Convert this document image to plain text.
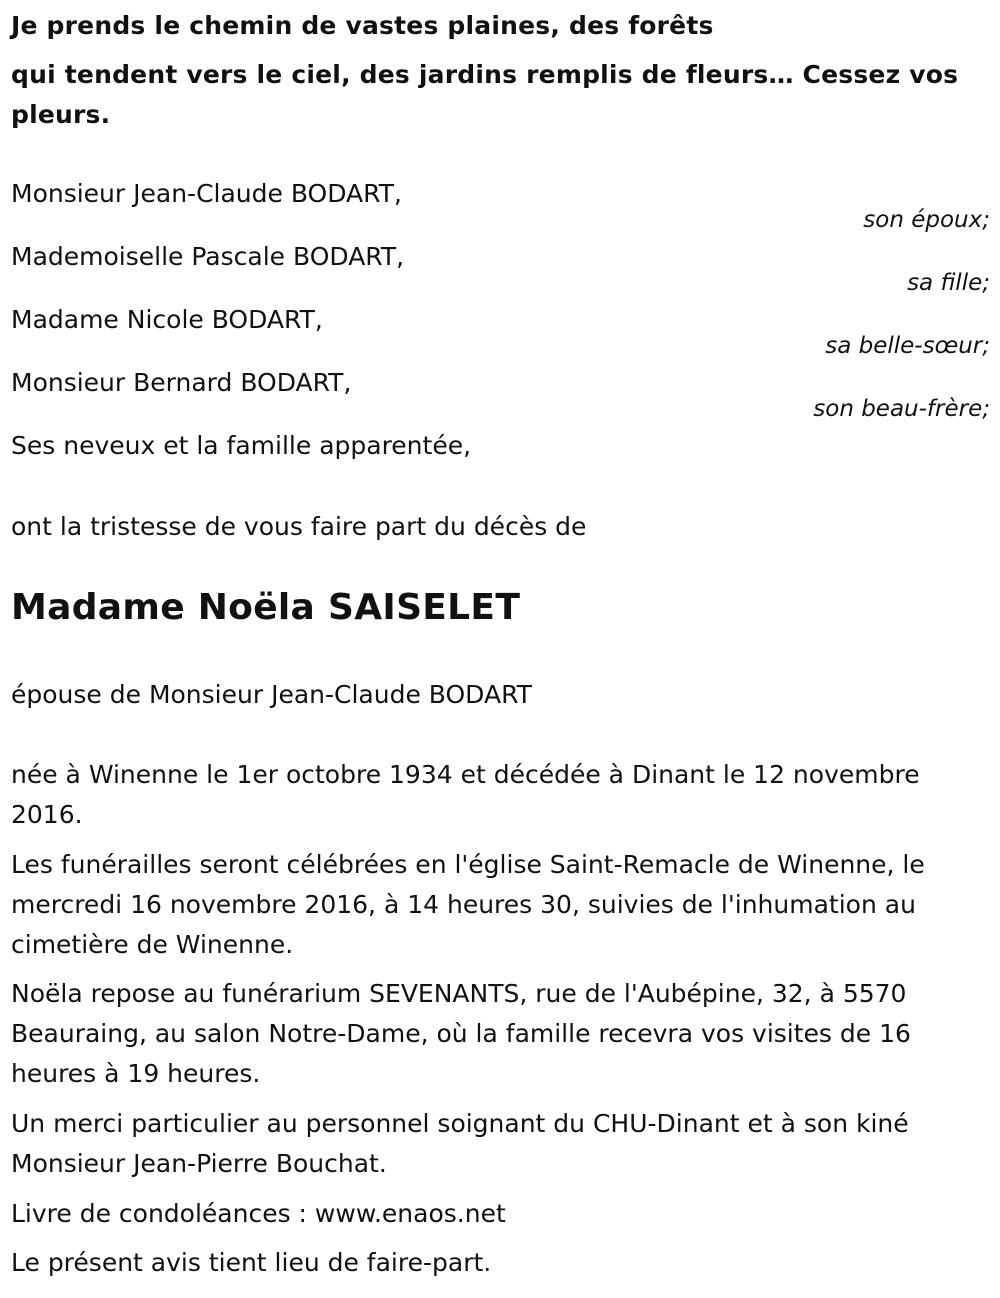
Je prends le chemin de vastes plaines, des forêts

qui tendent vers le ciel, des jardins remplis de fleurs… Cessez vos pleurs.

Monsieur Jean-Claude BODART,
son époux;
Mademoiselle Pascale BODART,
sa fille;
Madame Nicole BODART,
sa belle-sœur;
Monsieur Bernard BODART,
son beau-frère;

Ses neveux et la famille apparentée,

ont la tristesse de vous faire part du décès de

Madame Noëla SAISELET

épouse de Monsieur Jean-Claude BODART

née à Winenne le 1er octobre 1934 et décédée à Dinant le 12 novembre 2016.

Les funérailles seront célébrées en l'église Saint-Remacle de Winenne, le mercredi 16 novembre 2016, à 14 heures 30, suivies de l'inhumation au cimetière de Winenne.

Noëla repose au funérarium SEVENANTS, rue de l'Aubépine, 32, à 5570 Beauraing, au salon Notre-Dame, où la famille recevra vos visites de 16 heures à 19 heures.

Un merci particulier au personnel soignant du CHU-Dinant et à son kiné Monsieur Jean-Pierre Bouchat.

Livre de condoléances : www.enaos.net

Le présent avis tient lieu de faire-part.
